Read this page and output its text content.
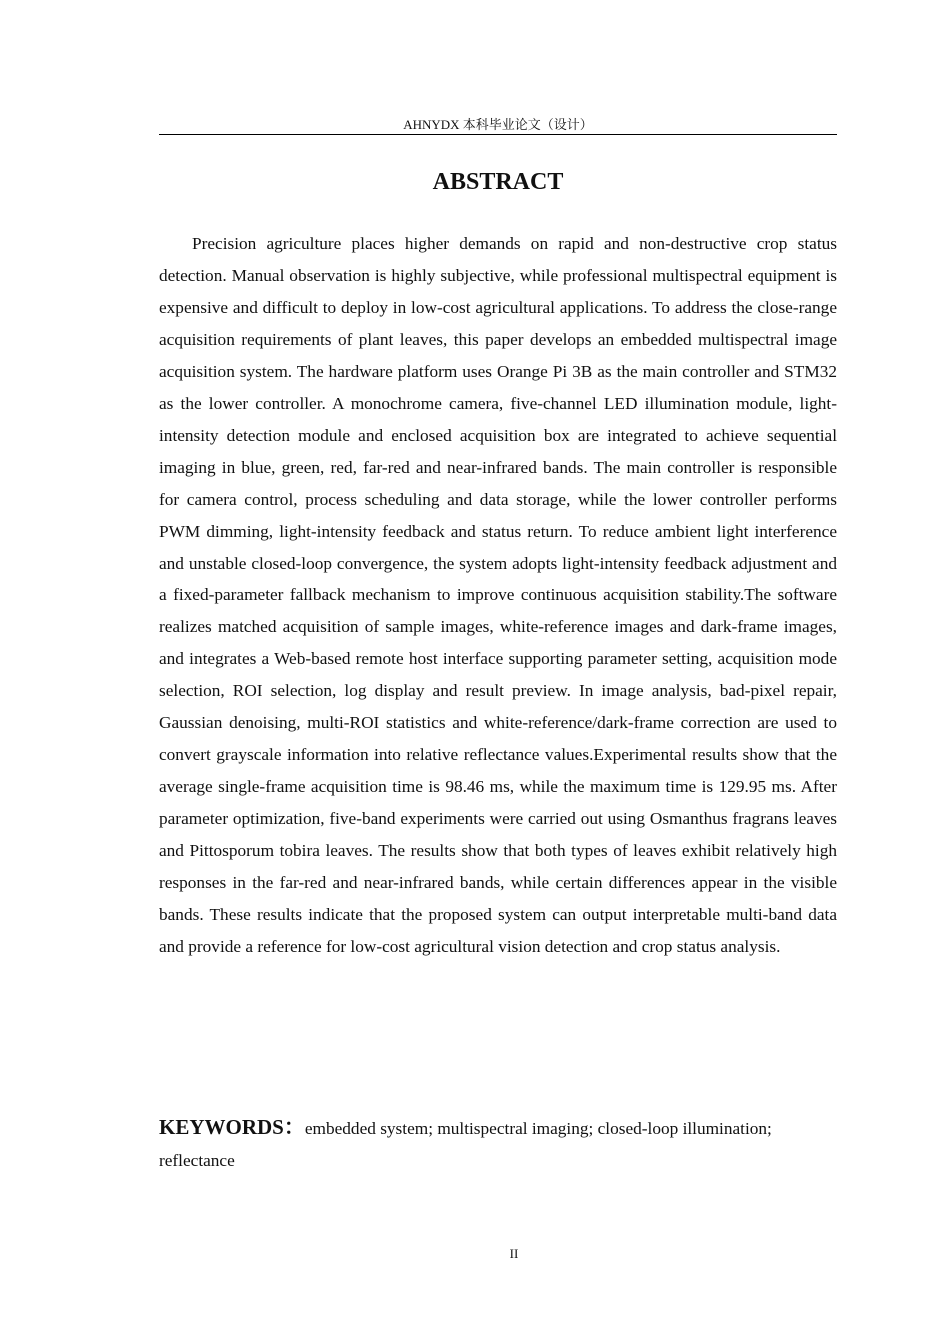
AHNYDX 本科毕业论文（设计）
ABSTRACT

Precision agriculture places higher demands on rapid and non-destructive crop status detection. Manual observation is highly subjective, while professional multispectral equipment is expensive and difficult to deploy in low-cost agricultural applications. To address the close-range acquisition requirements of plant leaves, this paper develops an embedded multispectral image acquisition system. The hardware platform uses Orange Pi 3B as the main controller and STM32 as the lower controller. A monochrome camera, five-channel LED illumination module, light-intensity detection module and enclosed acquisition box are integrated to achieve sequential imaging in blue, green, red, far-red and near-infrared bands. The main controller is responsible for camera control, process scheduling and data storage, while the lower controller performs PWM dimming, light-intensity feedback and status return. To reduce ambient light interference and unstable closed-loop convergence, the system adopts light-intensity feedback adjustment and a fixed-parameter fallback mechanism to improve continuous acquisition stability.The software realizes matched acquisition of sample images, white-reference images and dark-frame images, and integrates a Web-based remote host interface supporting parameter setting, acquisition mode selection, ROI selection, log display and result preview. In image analysis, bad-pixel repair, Gaussian denoising, multi-ROI statistics and white-reference/dark-frame correction are used to convert grayscale information into relative reflectance values.Experimental results show that the average single-frame acquisition time is 98.46 ms, while the maximum time is 129.95 ms. After parameter optimization, five-band experiments were carried out using Osmanthus fragrans leaves and Pittosporum tobira leaves. The results show that both types of leaves exhibit relatively high responses in the far-red and near-infrared bands, while certain differences appear in the visible bands. These results indicate that the proposed system can output interpretable multi-band data and provide a reference for low-cost agricultural vision detection and crop status analysis.

KEYWORDS：embedded system; multispectral imaging; closed-loop illumination; reflectance

II
